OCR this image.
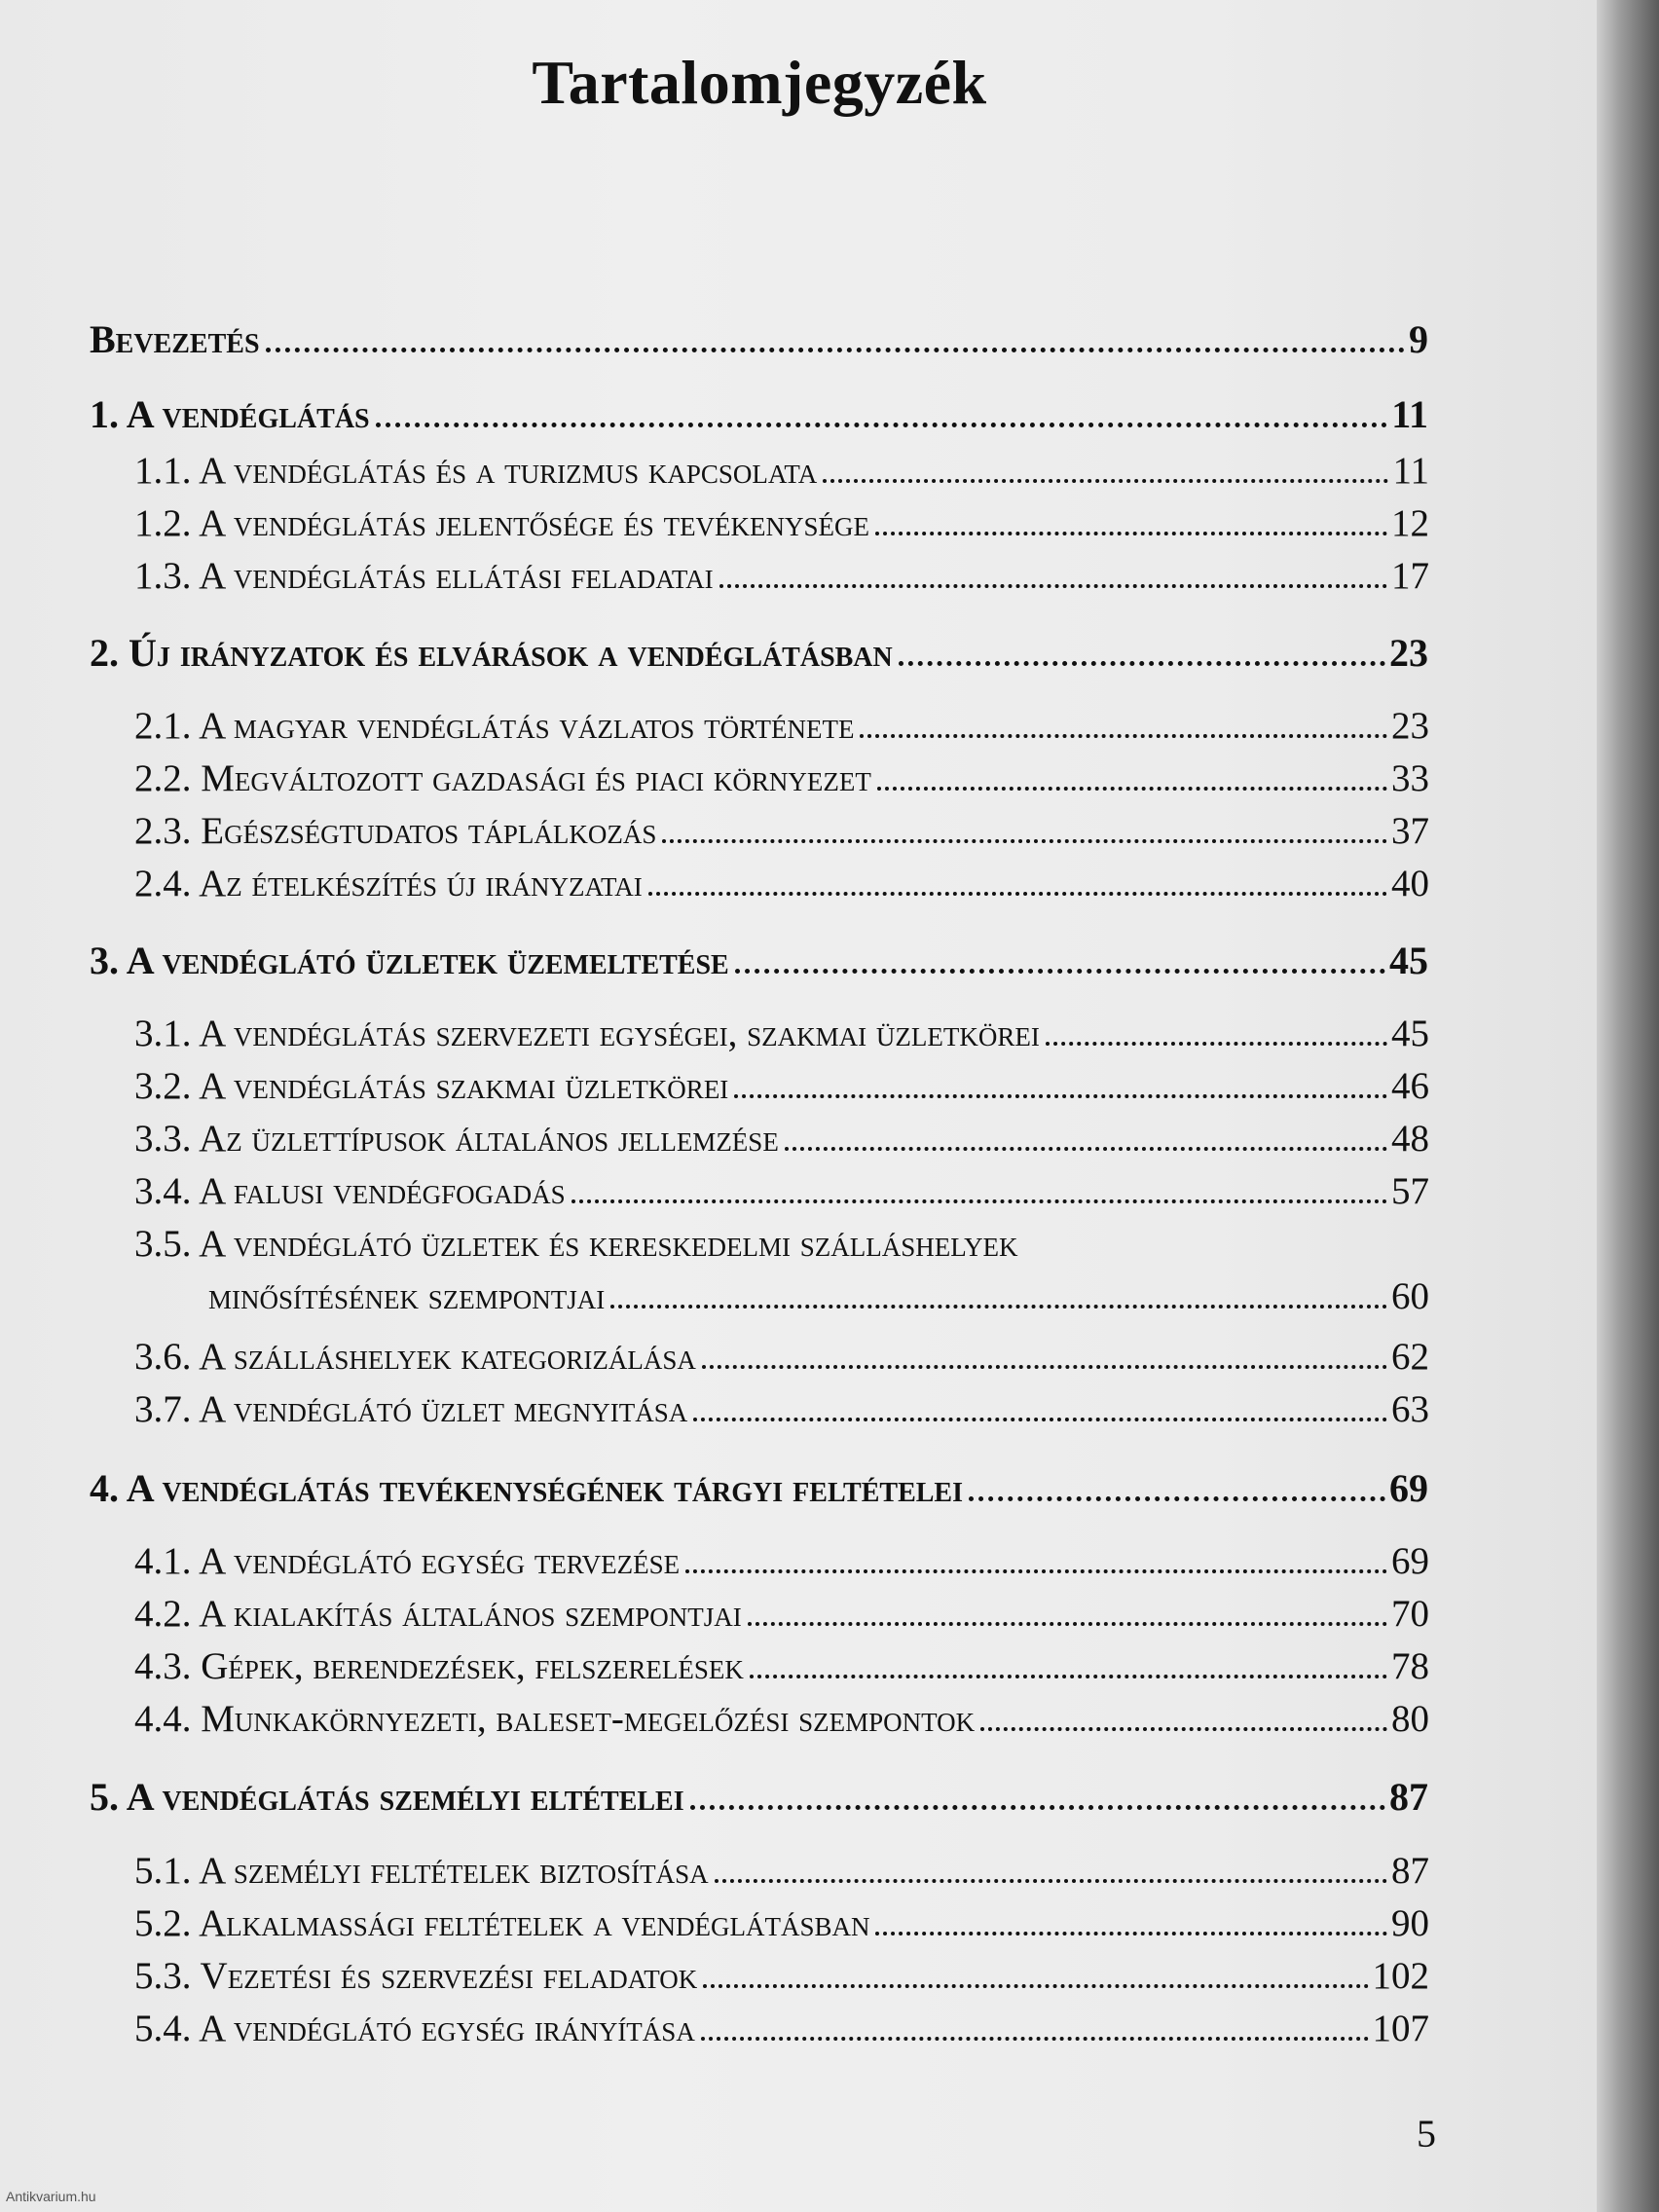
Tartalomjegyzék
Bevezetés	9
1. A vendéglátás	11
1.1. A vendéglátás és a turizmus kapcsolata	11
1.2. A vendéglátás jelentősége és tevékenysége	12
1.3. A vendéglátás ellátási feladatai	17
2. Új irányzatok és elvárások a vendéglátásban	23
2.1. A magyar vendéglátás vázlatos története	23
2.2. Megváltozott gazdasági és piaci környezet	33
2.3. Egészségtudatos táplálkozás	37
2.4. Az ételkészítés új irányzatai	40
3. A vendéglátó üzletek üzemeltetése	45
3.1. A vendéglátás szervezeti egységei, szakmai üzletkörei	45
3.2. A vendéglátás szakmai üzletkörei	46
3.3. Az üzlettípusok általános jellemzése	48
3.4. A falusi vendégfogadás	57
3.5. A vendéglátó üzletek és kereskedelmi szálláshelyek
minősítésének szempontjai	60
3.6. A szálláshelyek kategorizálása	62
3.7. A vendéglátó üzlet megnyitása	63
4. A vendéglátás tevékenységének tárgyi feltételei	69
4.1. A vendéglátó egység tervezése	69
4.2. A kialakítás általános szempontjai	70
4.3. Gépek, berendezések, felszerelések	78
4.4. Munkakörnyezeti, baleset-megelőzési szempontok	80
5. A vendéglátás személyi eltételei	87
5.1. A személyi feltételek biztosítása	87
5.2. Alkalmassági feltételek a vendéglátásban	90
5.3. Vezetési és szervezési feladatok	102
5.4. A vendéglátó egység irányítása	107
5
Antikvarium.hu
